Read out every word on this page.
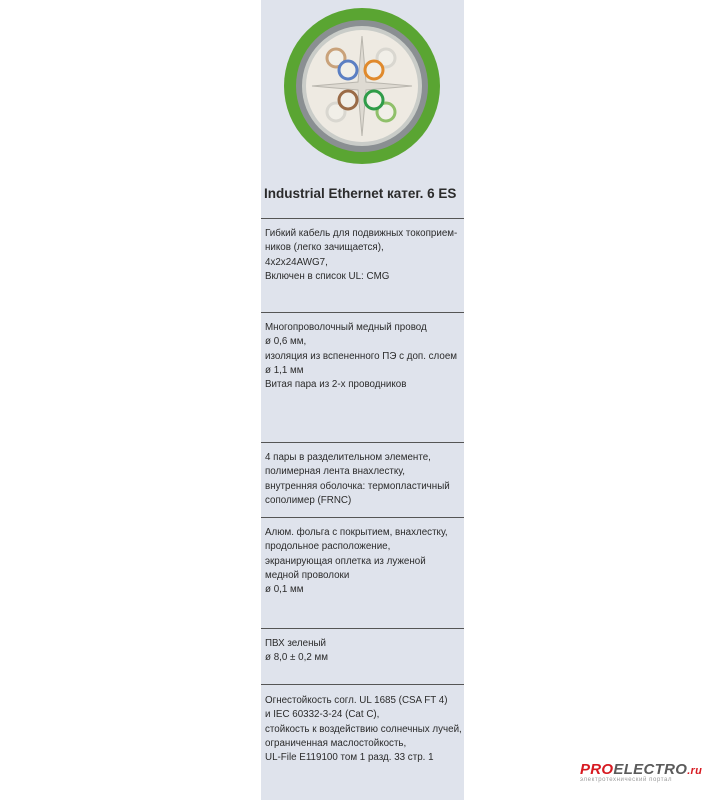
Industrial Ethernet катег. 6 ES
Гибкий кабель для подвижных токоприем-
ников (легко зачищается),
4x2x24AWG7,
Включен в список UL: CMG
Многопроволочный медный провод
ø 0,6 мм,
изоляция из вспененного ПЭ с доп. слоем
ø 1,1 мм
Витая пара из 2-х проводников
4 пары в разделительном элементе,
полимерная лента внахлестку,
внутренняя оболочка: термопластичный
сополимер (FRNC)
Алюм. фольга с покрытием, внахлестку,
продольное расположение,
экранирующая оплетка из луженой
медной проволоки
ø 0,1 мм
ПВХ зеленый
ø 8,0 ± 0,2 мм
Огнестойкость согл. UL 1685 (CSA FT 4)
и IEC 60332-3-24 (Cat C),
стойкость к воздействию солнечных лучей,
ограниченная маслостойкость,
UL-File E119100 том 1 разд. 33 стр. 1
PROELECTRO.ru
электротехнический портал
